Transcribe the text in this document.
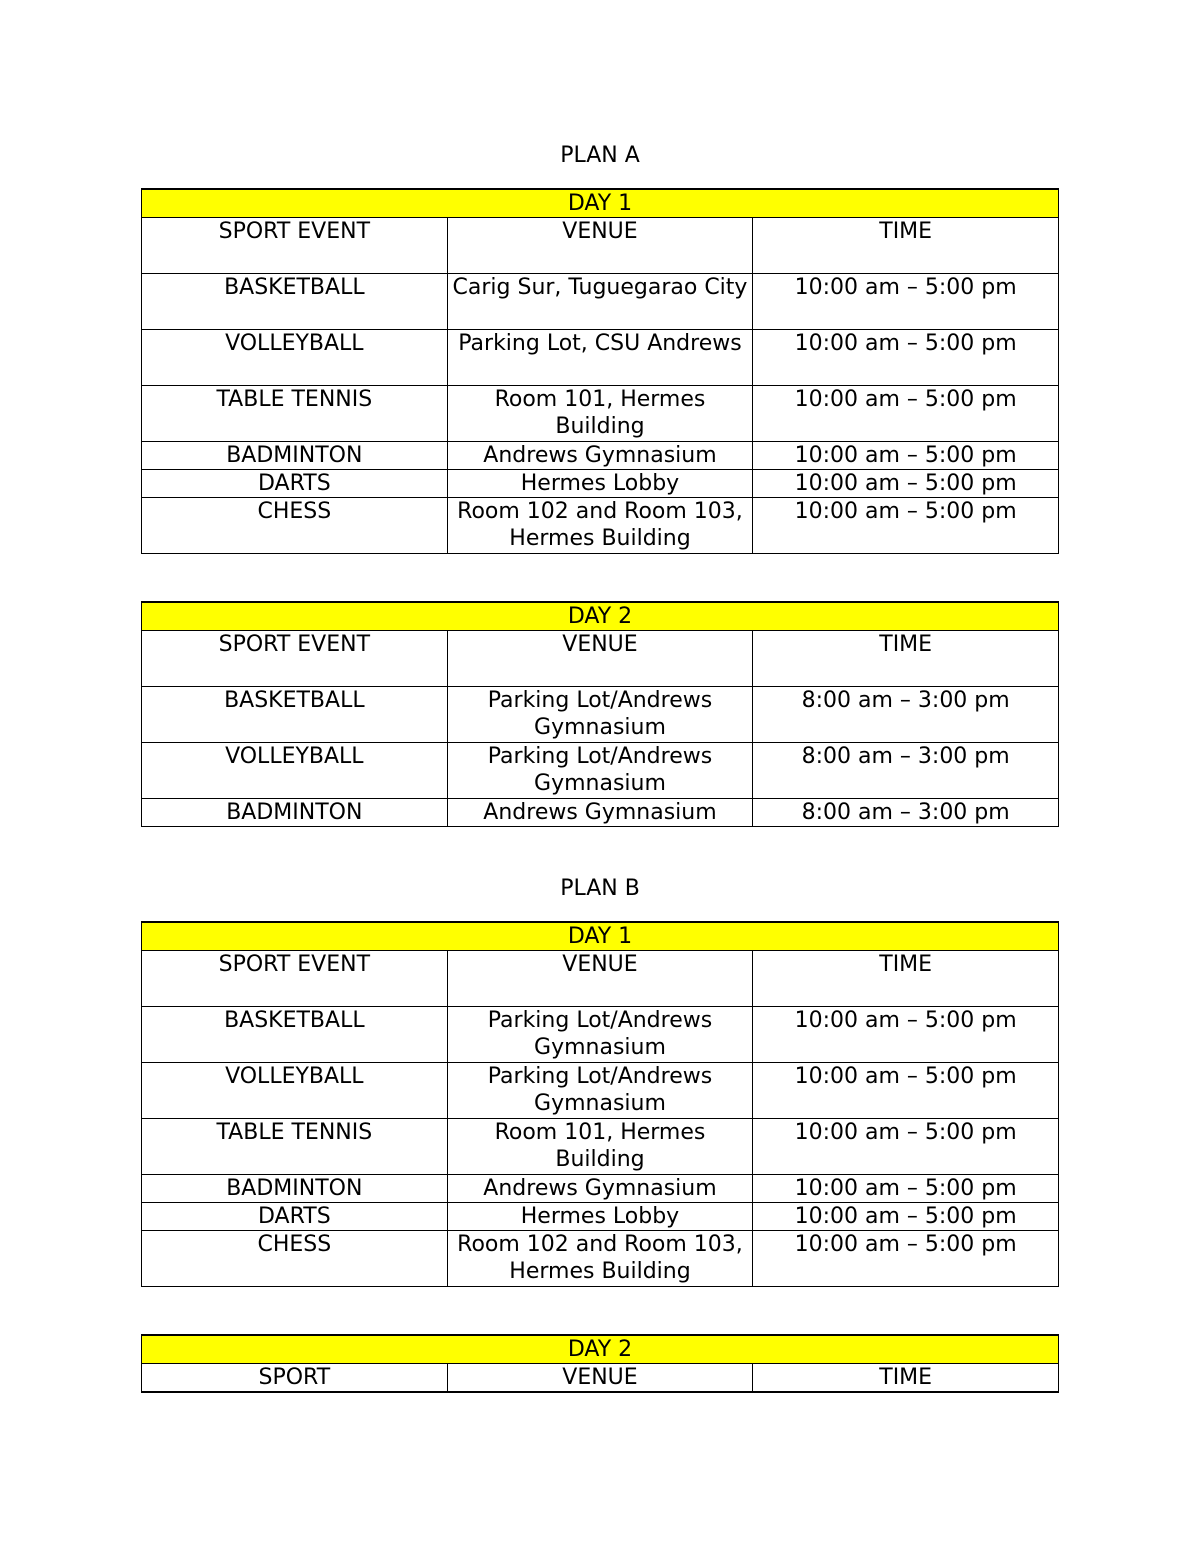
PLAN A
DAY 1		
SPORT EVENT	VENUE	TIME
BASKETBALL	Carig Sur, Tuguegarao City	10:00 am – 5:00 pm
VOLLEYBALL	Parking Lot, CSU Andrews	10:00 am – 5:00 pm
TABLE TENNIS	Room 101, Hermes Building	10:00 am – 5:00 pm
BADMINTON	Andrews Gymnasium	10:00 am – 5:00 pm
DARTS	Hermes Lobby	10:00 am – 5:00 pm
CHESS	Room 102 and Room 103, Hermes Building	10:00 am – 5:00 pm
DAY 2		
SPORT EVENT	VENUE	TIME
BASKETBALL	Parking Lot/Andrews Gymnasium	8:00 am – 3:00 pm
VOLLEYBALL	Parking Lot/Andrews Gymnasium	8:00 am – 3:00 pm
BADMINTON	Andrews Gymnasium	8:00 am – 3:00 pm
PLAN B
DAY 1		
SPORT EVENT	VENUE	TIME
BASKETBALL	Parking Lot/Andrews Gymnasium	10:00 am – 5:00 pm
VOLLEYBALL	Parking Lot/Andrews Gymnasium	10:00 am – 5:00 pm
TABLE TENNIS	Room 101, Hermes Building	10:00 am – 5:00 pm
BADMINTON	Andrews Gymnasium	10:00 am – 5:00 pm
DARTS	Hermes Lobby	10:00 am – 5:00 pm
CHESS	Room 102 and Room 103, Hermes Building	10:00 am – 5:00 pm
DAY 2
SPORT	VENUE	TIME
